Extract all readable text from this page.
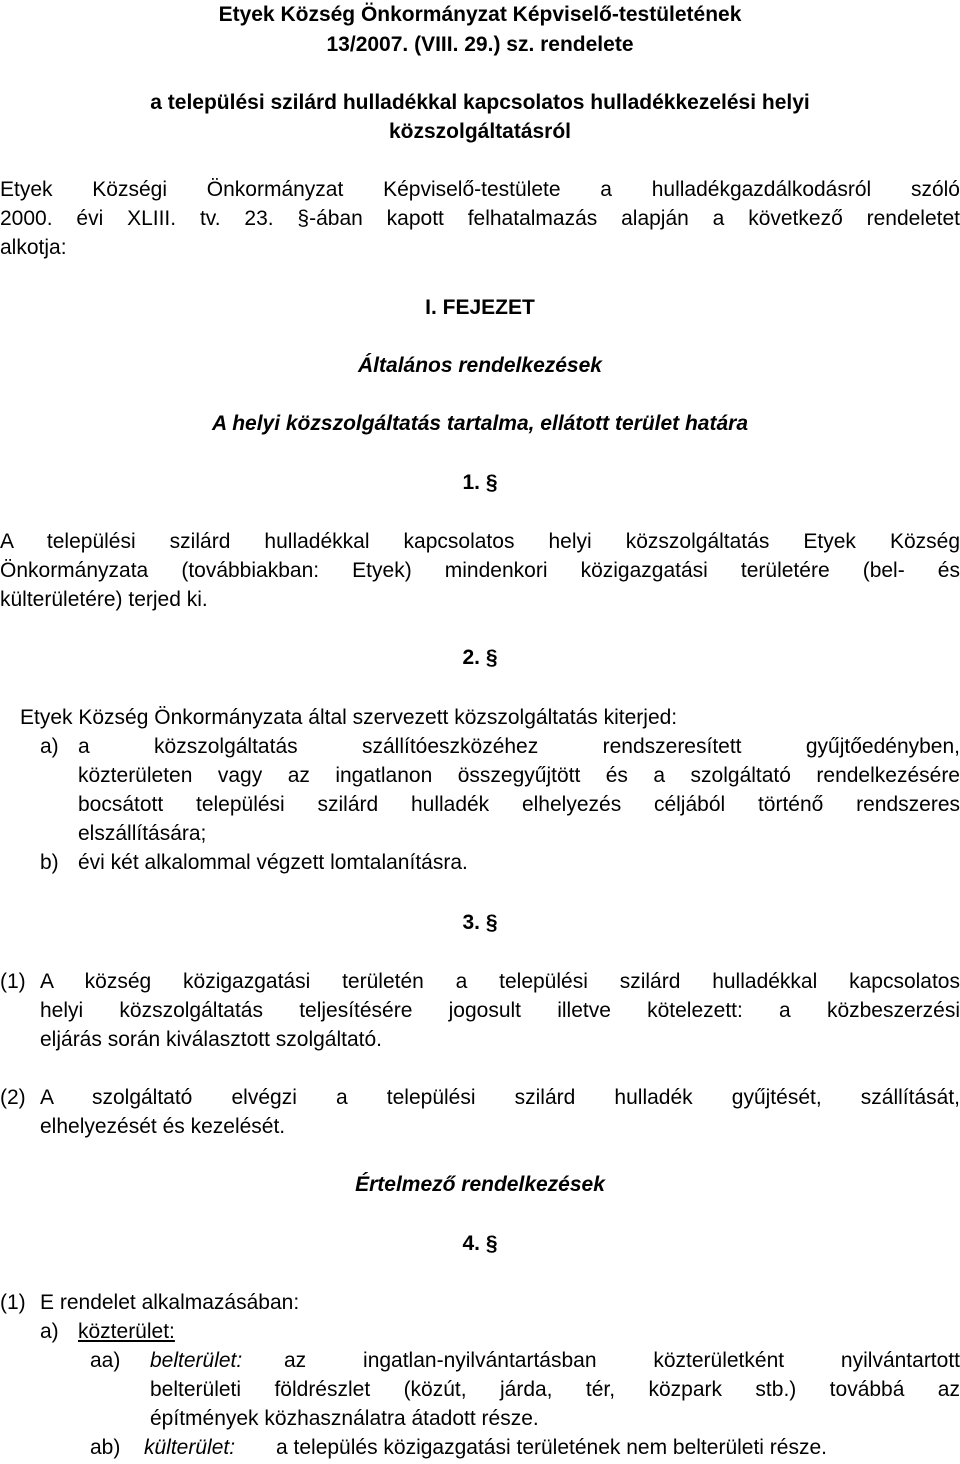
Etyek Község Önkormányzat Képviselő-testületének
13/2007. (VIII. 29.) sz. rendelete
a települési szilárd hulladékkal kapcsolatos hulladékkezelési helyi
közszolgáltatásról
Etyek Községi Önkormányzat Képviselő-testülete a hulladékgazdálkodásról szóló
2000. évi XLIII. tv. 23. §-ában kapott felhatalmazás alapján a következő rendeletet
alkotja:
I. FEJEZET
Általános rendelkezések
A helyi közszolgáltatás tartalma, ellátott terület határa
1. §
A települési szilárd hulladékkal kapcsolatos helyi közszolgáltatás Etyek Község
Önkormányzata (továbbiakban: Etyek) mindenkori közigazgatási területére (bel- és
külterületére) terjed ki.
2. §
Etyek Község Önkormányzata által szervezett közszolgáltatás kiterjed:
a) a közszolgáltatás szállítóeszközéhez rendszeresített gyűjtőedényben,
közterületen vagy az ingatlanon összegyűjtött és a szolgáltató rendelkezésére
bocsátott települési szilárd hulladék elhelyezés céljából történő rendszeres
elszállítására;
b) évi két alkalommal végzett lomtalanításra.
3. §
(1) A község közigazgatási területén a települési szilárd hulladékkal kapcsolatos
helyi közszolgáltatás teljesítésére jogosult illetve kötelezett: a közbeszerzési
eljárás során kiválasztott szolgáltató.
(2) A szolgáltató elvégzi a települési szilárd hulladék gyűjtését, szállítását,
elhelyezését és kezelését.
Értelmező rendelkezések
4. §
(1) E rendelet alkalmazásában:
a) közterület:
aa) belterület: az ingatlan-nyilvántartásban közterületként nyilvántartott
belterületi földrészlet (közút, járda, tér, közpark stb.) továbbá az
építmények közhasználatra átadott része.
ab) külterület: a település közigazgatási területének nem belterületi része.
